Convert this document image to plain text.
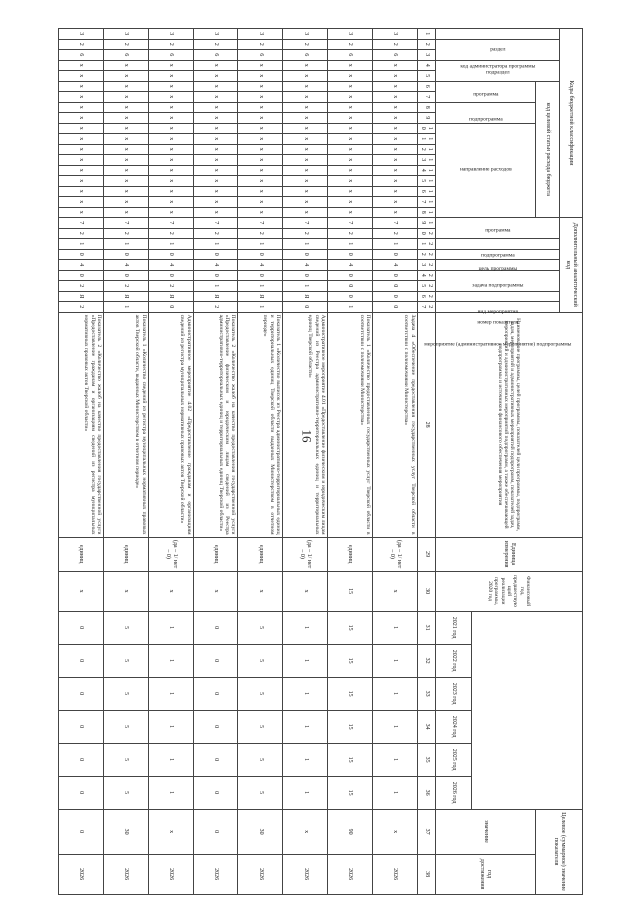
16
Коды бюджетной классификации																		Дополнительный аналитический код									Наименование программы, целей программы, показателей цели программы, подпрограмм, задач, мероприятий и административных мероприятий подпрограмм, показателей задач, мероприятий и административных мероприятий подпрограмм, а также обеспечивающей подпрограммы и источников финансового обеспечения мероприятия	Единица измерения	Финансовый год, предшествующий реализации программы, 2020 год							Целевое (суммарное) значение показателя	
код администратора программы	раздел		подраздел		код целевой статьи расхода бюджета													программа		подпрограмма	цель программы	задача подпрограммы	мероприятие (административное мероприятие) подпрограммы		вид мероприятия	номер показателя											
					программа		подпрограмма		направление расходов																											значение	год достижения
																														2021 год	2022 год	2023 год	2024 год	2025 год	2026 год		
1	2	3	4	5	6	7	8	9	10	11	12	13	14	15	16	17	18	19	20	21	22	23	24	25	26	27	28	29	30	31	32	33	34	35	36	37	38
3	2	6	x	x	x	x	x	x	x	x	x	x	x	x	x	x	x	7	2	1	0	4	0	0	0	0	Задача 4 «Обеспечение предоставления государственных услуг Тверской области в соответствии с полномочиями Министерства»	(да – 1/ нет – 0)	x	1	1	1	1	1	1	x	2026
3	2	6	x	x	x	x	x	x	x	x	x	x	x	x	x	x	x	7	2	1	0	4	0	0	0	1	Показатель 1 «Количество предоставленных государственных услуг Тверской области в соответствии с полномочиями Министерства»	единиц	15	15	15	15	15	15	15	90	2026
3	2	6	x	x	x	x	x	x	x	x	x	x	x	x	x	x	x	7	2	1	0	4	0	1	Я	0	Административное мероприятие 4.01 «Предоставление физическим и юридическим лицам сведений из Реестра административно-территориальных единиц и территориальных единиц Тверской области»	(да – 1/ нет – 0)	x	1	1	1	1	1	1	x	2026
3	2	6	x	x	x	x	x	x	x	x	x	x	x	x	x	x	x	7	2	1	0	4	0	1	Я	1	Показатель 1 «Количество выписок из Реестра административно-территориальных единиц и территориальных единиц Тверской области выданных Министерством в отчетном периоде»	единиц	x	5	5	5	5	5	5	30	2026
3	2	6	x	x	x	x	x	x	x	x	x	x	x	x	x	x	x	7	2	1	0	4	0	1	Я	2	Показатель 2 «Количество жалоб на качество предоставления государственной услуги «Предоставление физическим и юридическим лицам сведений из Реестра административно-территориальных единиц и территориальных единиц Тверской области»	единиц	x	0	0	0	0	0	0	0	2026
3	2	6	x	x	x	x	x	x	x	x	x	x	x	x	x	x	x	7	2	1	0	4	0	2	Я	0	Административное мероприятие 4.02 «Предоставление гражданам и организациям сведений из регистра муниципальных нормативных правовых актов Тверской области»	(да – 1/ нет – 0)	x	1	1	1	1	1	1	x	2026
3	2	6	x	x	x	x	x	x	x	x	x	x	x	x	x	x	x	7	2	1	0	4	0	2	Я	1	Показатель 1 «Количество сведений из регистра муниципальных нормативных правовых актов Тверской области, выданных Министерством в отчетном периоде»	единиц	x	5	5	5	5	5	5	30	2026
3	2	6	x	x	x	x	x	x	x	x	x	x	x	x	x	x	x	7	2	1	0	4	0	2	Я	2	Показатель 2 «Количество жалоб на качество предоставления государственной услуги «Предоставление гражданам и организациям сведений из регистра муниципальных нормативных правовых актов Тверской области»	единиц	x	0	0	0	0	0	0	0	2026
